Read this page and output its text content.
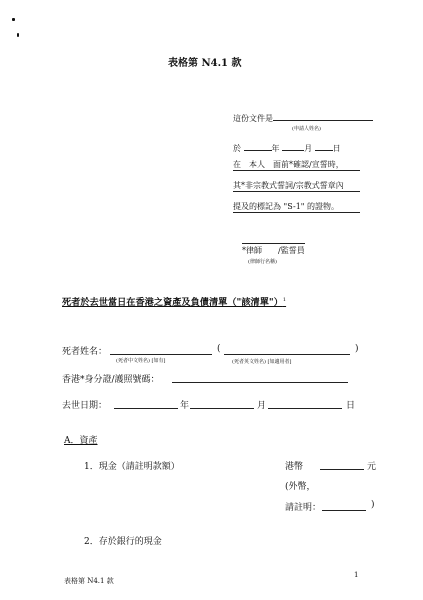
表格第 N4.1 款
這份文件是
(申請人姓名)
於	年	月	日
在　本人　面前*確認/宣誓時，
其*非宗教式誓詞/宗教式誓章內
提及的標記為 "S-1" 的證物。
*律師　　/監誓員
(律師行名稱)
死者於去世當日在香港之資產及負債清單（"該清單"）$^1$
死者姓名：	(	)
(死者中文姓名) [如有]	(死者英文姓名) [如適用者]
香港*身分證/護照號碼：
去世日期：	年	月	日
A．資產
1．現金（請註明款額）	港幣	元
(外幣，
請註明：	)
2．存於銀行的現金
表格第 N4.1 款
1
